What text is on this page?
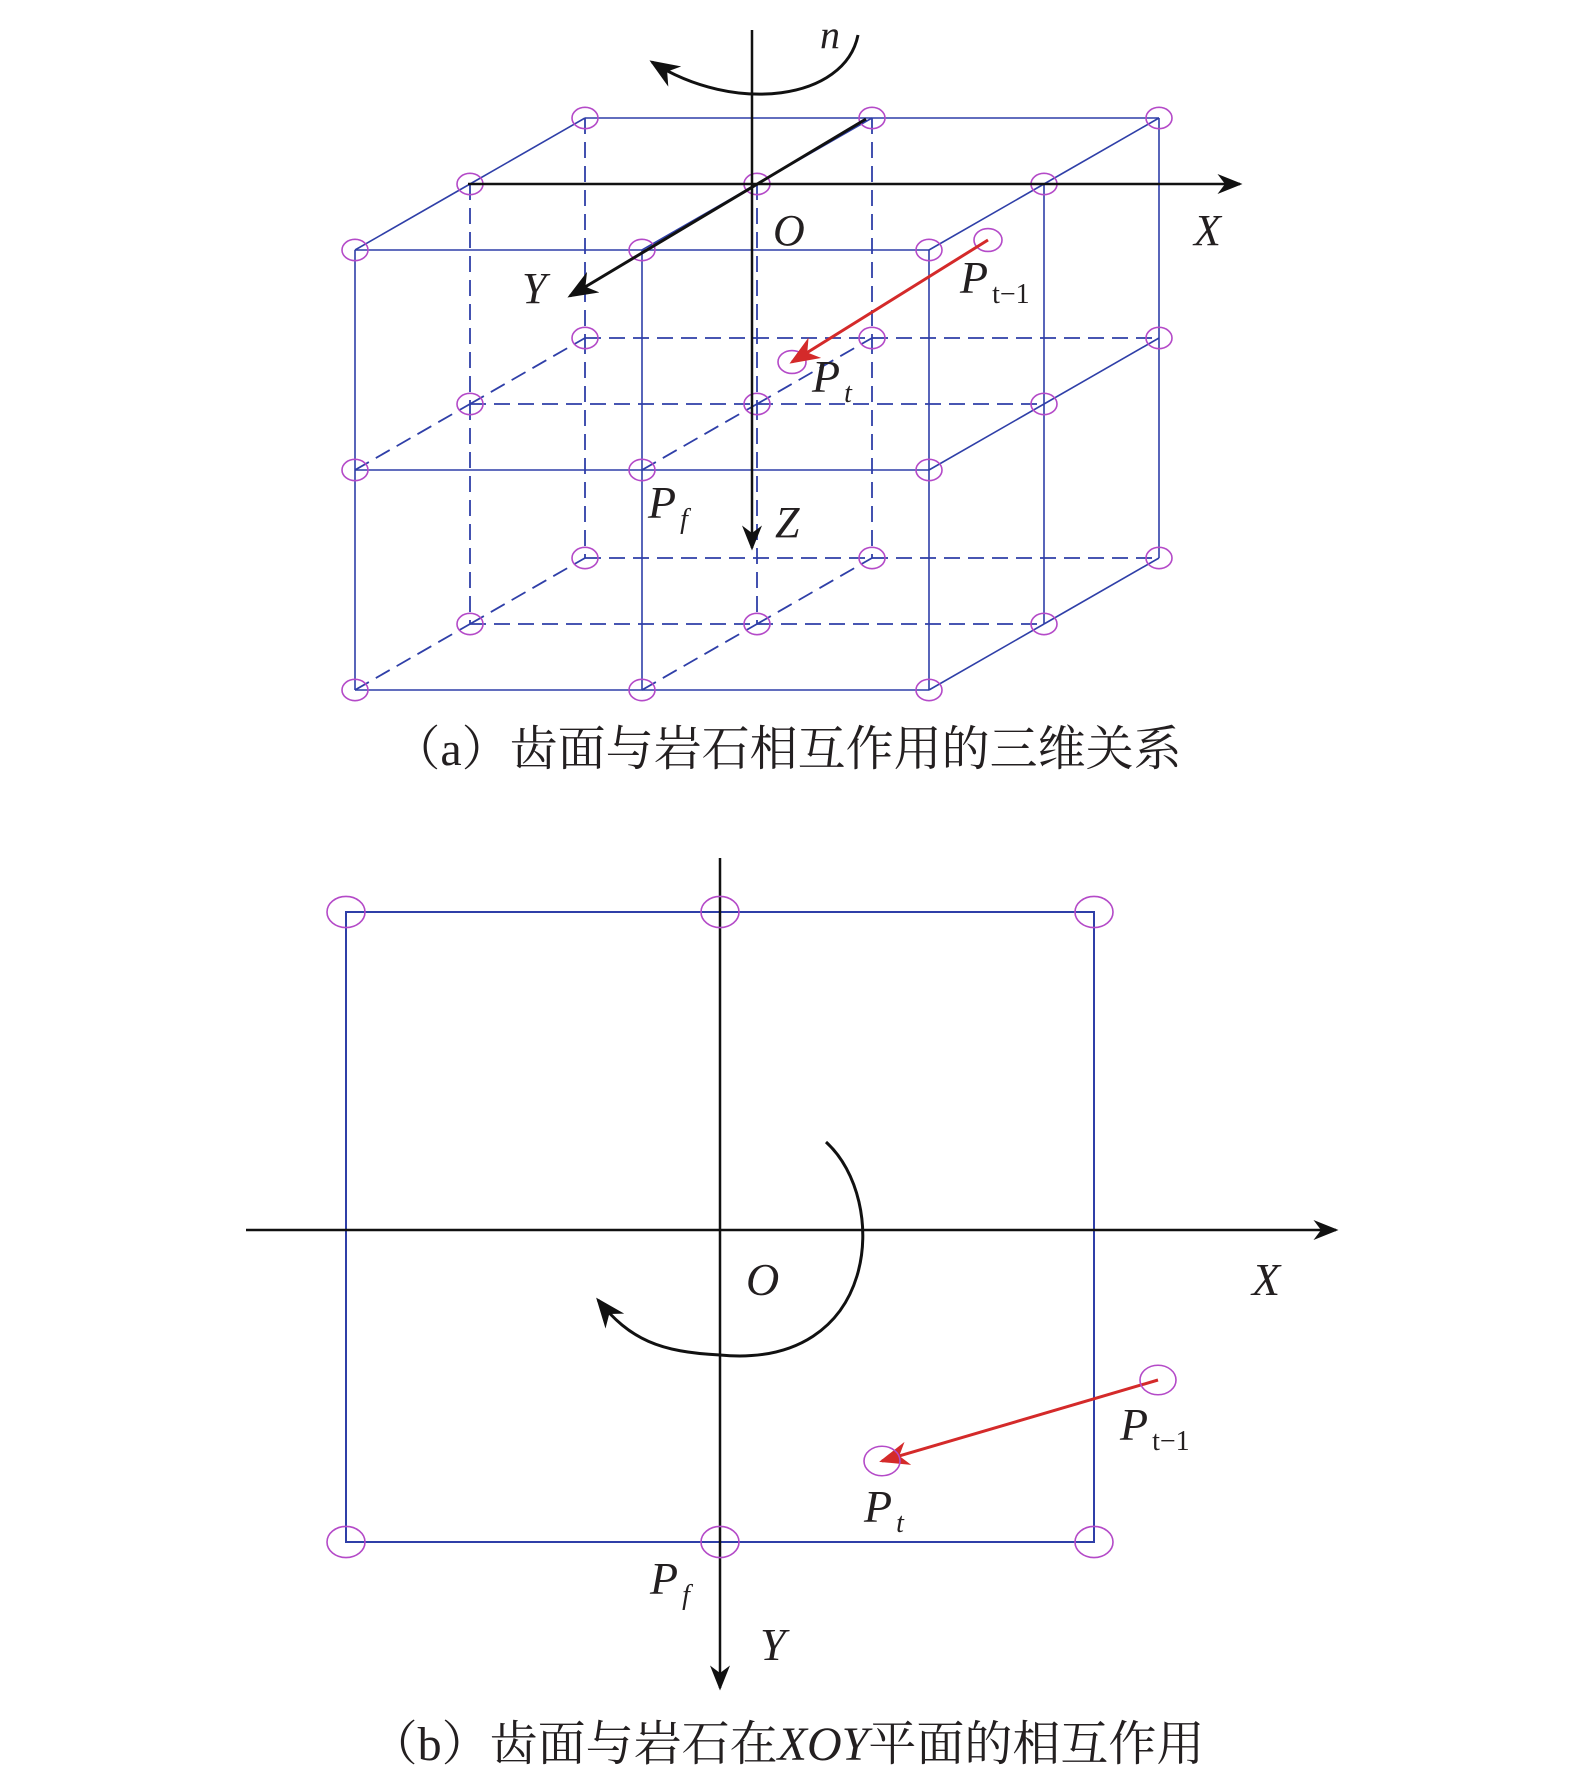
n
X
O
Y
Z
Pt−1
Pt
Pf
（a）齿面与岩石相互作用的三维关系
X
O
Y
Pt−1
Pt
Pf
（b）齿面与岩石在XOY平面的相互作用
